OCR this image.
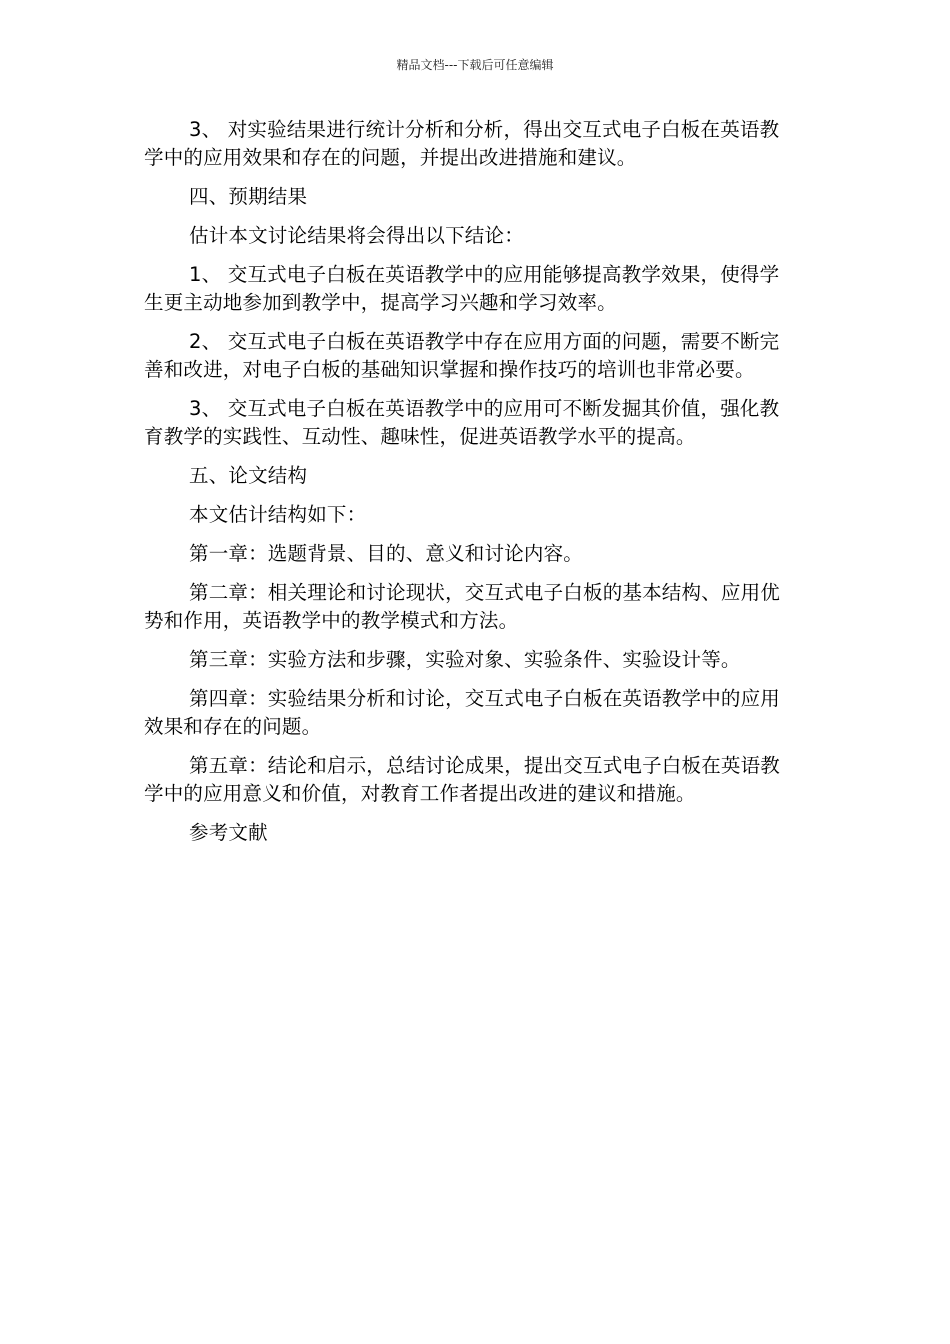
精品文档---下载后可任意编辑

3、 对实验结果进行统计分析和分析，得出交互式电子白板在英语教学中的应用效果和存在的问题，并提出改进措施和建议。

四、预期结果

估计本文讨论结果将会得出以下结论：

1、 交互式电子白板在英语教学中的应用能够提高教学效果，使得学生更主动地参加到教学中，提高学习兴趣和学习效率。

2、 交互式电子白板在英语教学中存在应用方面的问题，需要不断完善和改进，对电子白板的基础知识掌握和操作技巧的培训也非常必要。

3、 交互式电子白板在英语教学中的应用可不断发掘其价值，强化教育教学的实践性、互动性、趣味性，促进英语教学水平的提高。

五、论文结构

本文估计结构如下：

第一章：选题背景、目的、意义和讨论内容。

第二章：相关理论和讨论现状，交互式电子白板的基本结构、应用优势和作用，英语教学中的教学模式和方法。

第三章：实验方法和步骤，实验对象、实验条件、实验设计等。

第四章：实验结果分析和讨论，交互式电子白板在英语教学中的应用效果和存在的问题。

第五章：结论和启示，总结讨论成果，提出交互式电子白板在英语教学中的应用意义和价值，对教育工作者提出改进的建议和措施。

参考文献
